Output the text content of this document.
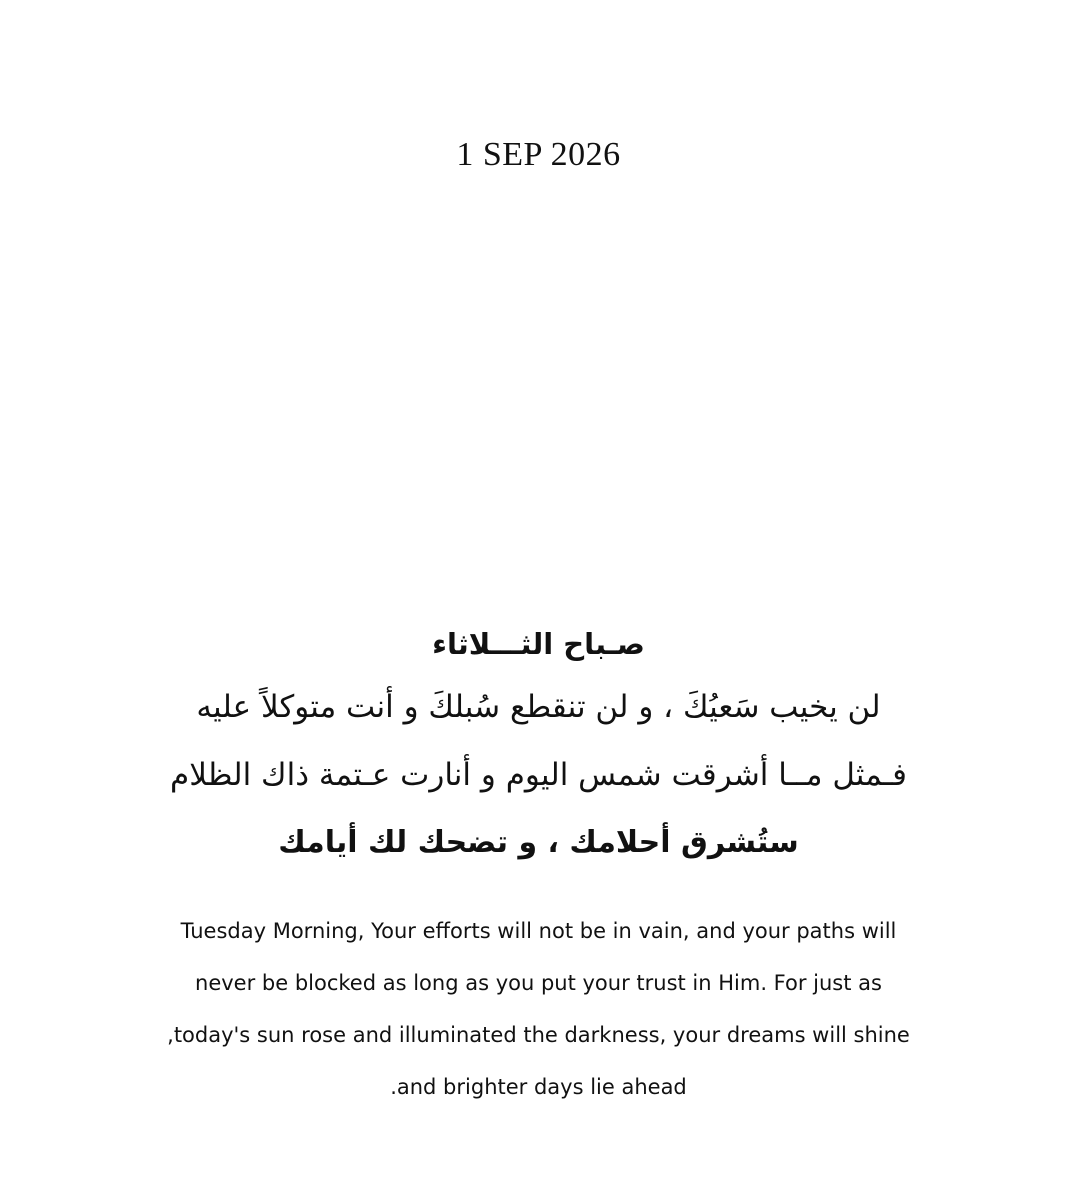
1 SEP 2026
صـباح الثـــلاثاء
لن يخيب سَعيُكَ ، و لن تنقطع سُبلكَ و أنت متوكلاً عليه
فـمثل مــا أشرقت شمس اليوم و أنارت عـتمة ذاك الظلام
ستُشرق أحلامك ، و تضحك لك أيامك
Tuesday Morning, Your efforts will not be in vain, and your paths will
never be blocked as long as you put your trust in Him. For just as
,today's sun rose and illuminated the darkness, your dreams will shine
.and brighter days lie ahead
